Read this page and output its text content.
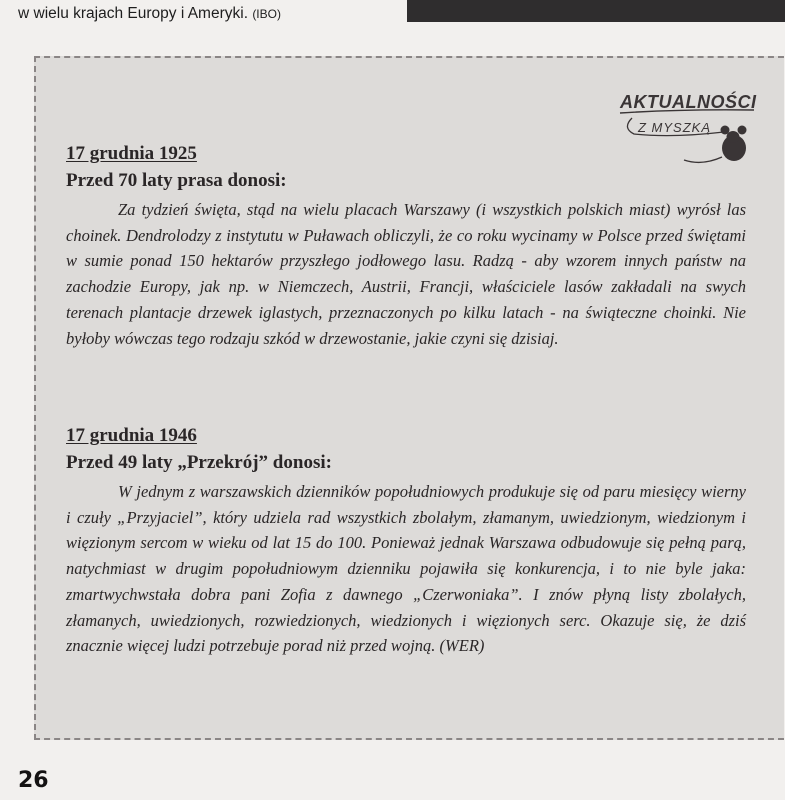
w wielu krajach Europy i Ameryki. (IBO)
AKTUALNOŚCI
Z MYSZKĄ
17 grudnia 1925
Przed 70 laty prasa donosi:

Za tydzień święta, stąd na wielu placach Warszawy (i wszystkich polskich miast) wyrósł las choinek. Dendrolodzy z instytutu w Puławach obliczyli, że co roku wycinamy w Polsce przed świętami w sumie ponad 150 hektarów przyszłego jodłowego lasu. Radzą - aby wzorem innych państw na zachodzie Europy, jak np. w Niemczech, Austrii, Francji, właściciele lasów zakładali na swych terenach plantacje drzewek iglastych, przeznaczonych po kilku latach - na świąteczne choinki. Nie byłoby wówczas tego rodzaju szkód w drzewostanie, jakie czyni się dzisiaj.

17 grudnia 1946
Przed 49 laty „Przekrój” donosi:

W jednym z warszawskich dzienników popołudniowych produkuje się od paru miesięcy wierny i czuły „Przyjaciel”, który udziela rad wszystkich zbolałym, złamanym, uwiedzionym, wiedzionym i więzionym sercom w wieku od lat 15 do 100. Ponieważ jednak Warszawa odbudowuje się pełną parą, natychmiast w drugim popołudniowym dzienniku pojawiła się konkurencja, i to nie byle jaka: zmartwychwstała dobra pani Zofia z dawnego „Czerwoniaka”. I znów płyną listy zbolałych, złamanych, uwiedzionych, rozwiedzionych, wiedzionych i więzionych serc. Okazuje się, że dziś znacznie więcej ludzi potrzebuje porad niż przed wojną. (WER)

26
